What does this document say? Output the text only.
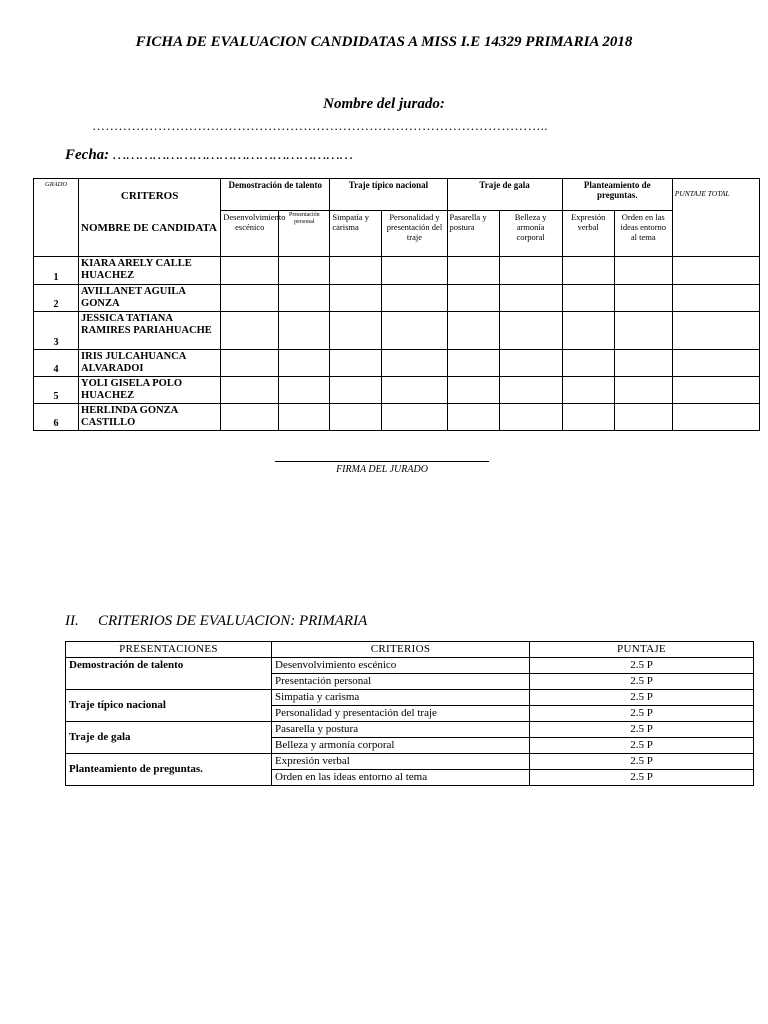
FICHA DE EVALUACION CANDIDATAS A MISS I.E 14329 PRIMARIA 2018
Nombre del jurado:
…………………………………………………………………………………………..
Fecha: ………………………………………………
GRADO	CRITEROS
NOMBRE DE CANDIDATA	Demostración de talento		Traje típico nacional		Traje de gala		Planteamiento de preguntas.		PUNTAJE TOTAL
		Desenvolvimiento escénico	Presentación personal	Simpatía y carisma	Personalidad y presentación del traje	Pasarella y postura	Belleza y armonía corporal	Expresión verbal	Orden en las ideas entorno al tema	
1	KIARA ARELY CALLE HUACHEZ									
2	AVILLANET AGUILA GONZA									
3	JESSICA TATIANA RAMIRES PARIAHUACHE									
4	IRIS JULCAHUANCA ALVARADOI									
5	YOLI GISELA POLO HUACHEZ									
6	HERLINDA GONZA CASTILLO									
FIRMA DEL JURADO
II. CRITERIOS DE EVALUACION: PRIMARIA
PRESENTACIONES	CRITERIOS	PUNTAJE
Demostración de talento	Desenvolvimiento escénico	2.5 P
	Presentación personal	2.5 P
Traje típico nacional	Simpatia y carisma	2.5 P
	Personalidad y presentación del traje	2.5 P
Traje de gala	Pasarella y postura	2.5 P
	Belleza y armonía corporal	2.5 P
Planteamiento de preguntas.	Expresión verbal	2.5 P
	Orden en las ideas entorno al tema	2.5 P
